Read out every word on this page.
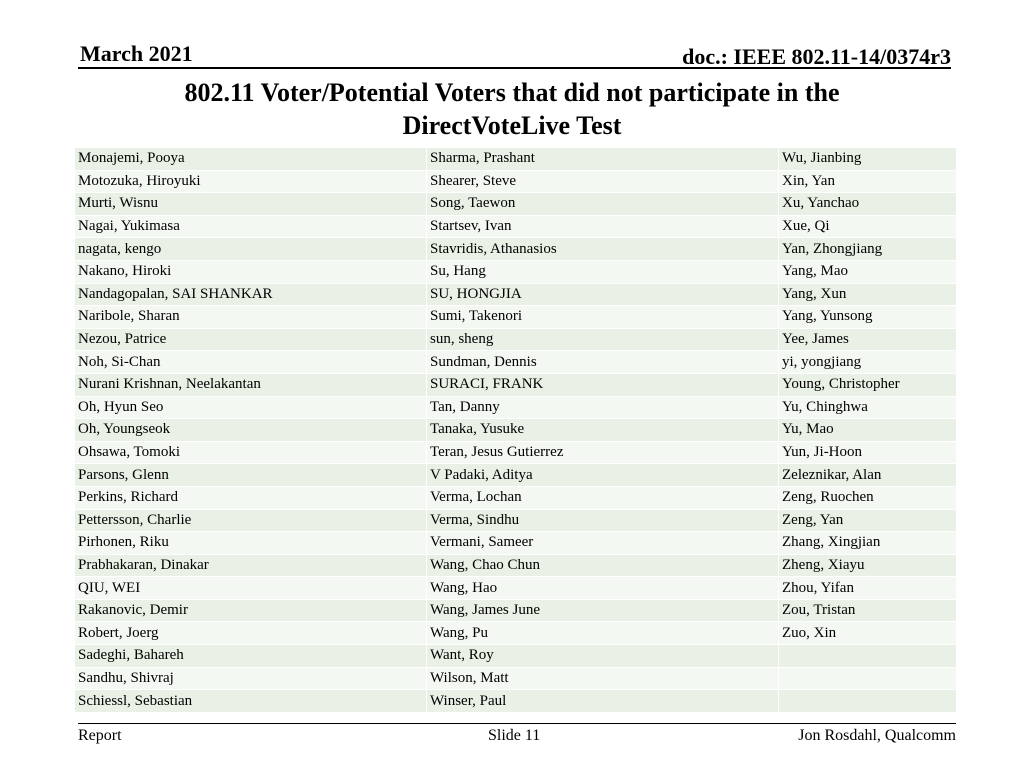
March 2021	doc.: IEEE 802.11-14/0374r3
802.11 Voter/Potential Voters that did not participate in the
DirectVoteLive Test
Monajemi, Pooya	Sharma, Prashant	Wu, Jianbing
Motozuka, Hiroyuki	Shearer, Steve	Xin, Yan
Murti, Wisnu	Song, Taewon	Xu, Yanchao
Nagai, Yukimasa	Startsev, Ivan	Xue, Qi
nagata, kengo	Stavridis, Athanasios	Yan, Zhongjiang
Nakano, Hiroki	Su, Hang	Yang, Mao
Nandagopalan, SAI SHANKAR	SU, HONGJIA	Yang, Xun
Naribole, Sharan	Sumi, Takenori	Yang, Yunsong
Nezou, Patrice	sun, sheng	Yee, James
Noh, Si-Chan	Sundman, Dennis	yi, yongjiang
Nurani Krishnan, Neelakantan	SURACI, FRANK	Young, Christopher
Oh, Hyun Seo	Tan, Danny	Yu, Chinghwa
Oh, Youngseok	Tanaka, Yusuke	Yu, Mao
Ohsawa, Tomoki	Teran, Jesus Gutierrez	Yun, Ji-Hoon
Parsons, Glenn	V Padaki, Aditya	Zeleznikar, Alan
Perkins, Richard	Verma, Lochan	Zeng, Ruochen
Pettersson, Charlie	Verma, Sindhu	Zeng, Yan
Pirhonen, Riku	Vermani, Sameer	Zhang, Xingjian
Prabhakaran, Dinakar	Wang, Chao Chun	Zheng, Xiayu
QIU, WEI	Wang, Hao	Zhou, Yifan
Rakanovic, Demir	Wang, James June	Zou, Tristan
Robert, Joerg	Wang, Pu	Zuo, Xin
Sadeghi, Bahareh	Want, Roy	
Sandhu, Shivraj	Wilson, Matt	
Schiessl, Sebastian	Winser, Paul	
Report	Slide 11	Jon Rosdahl, Qualcomm
